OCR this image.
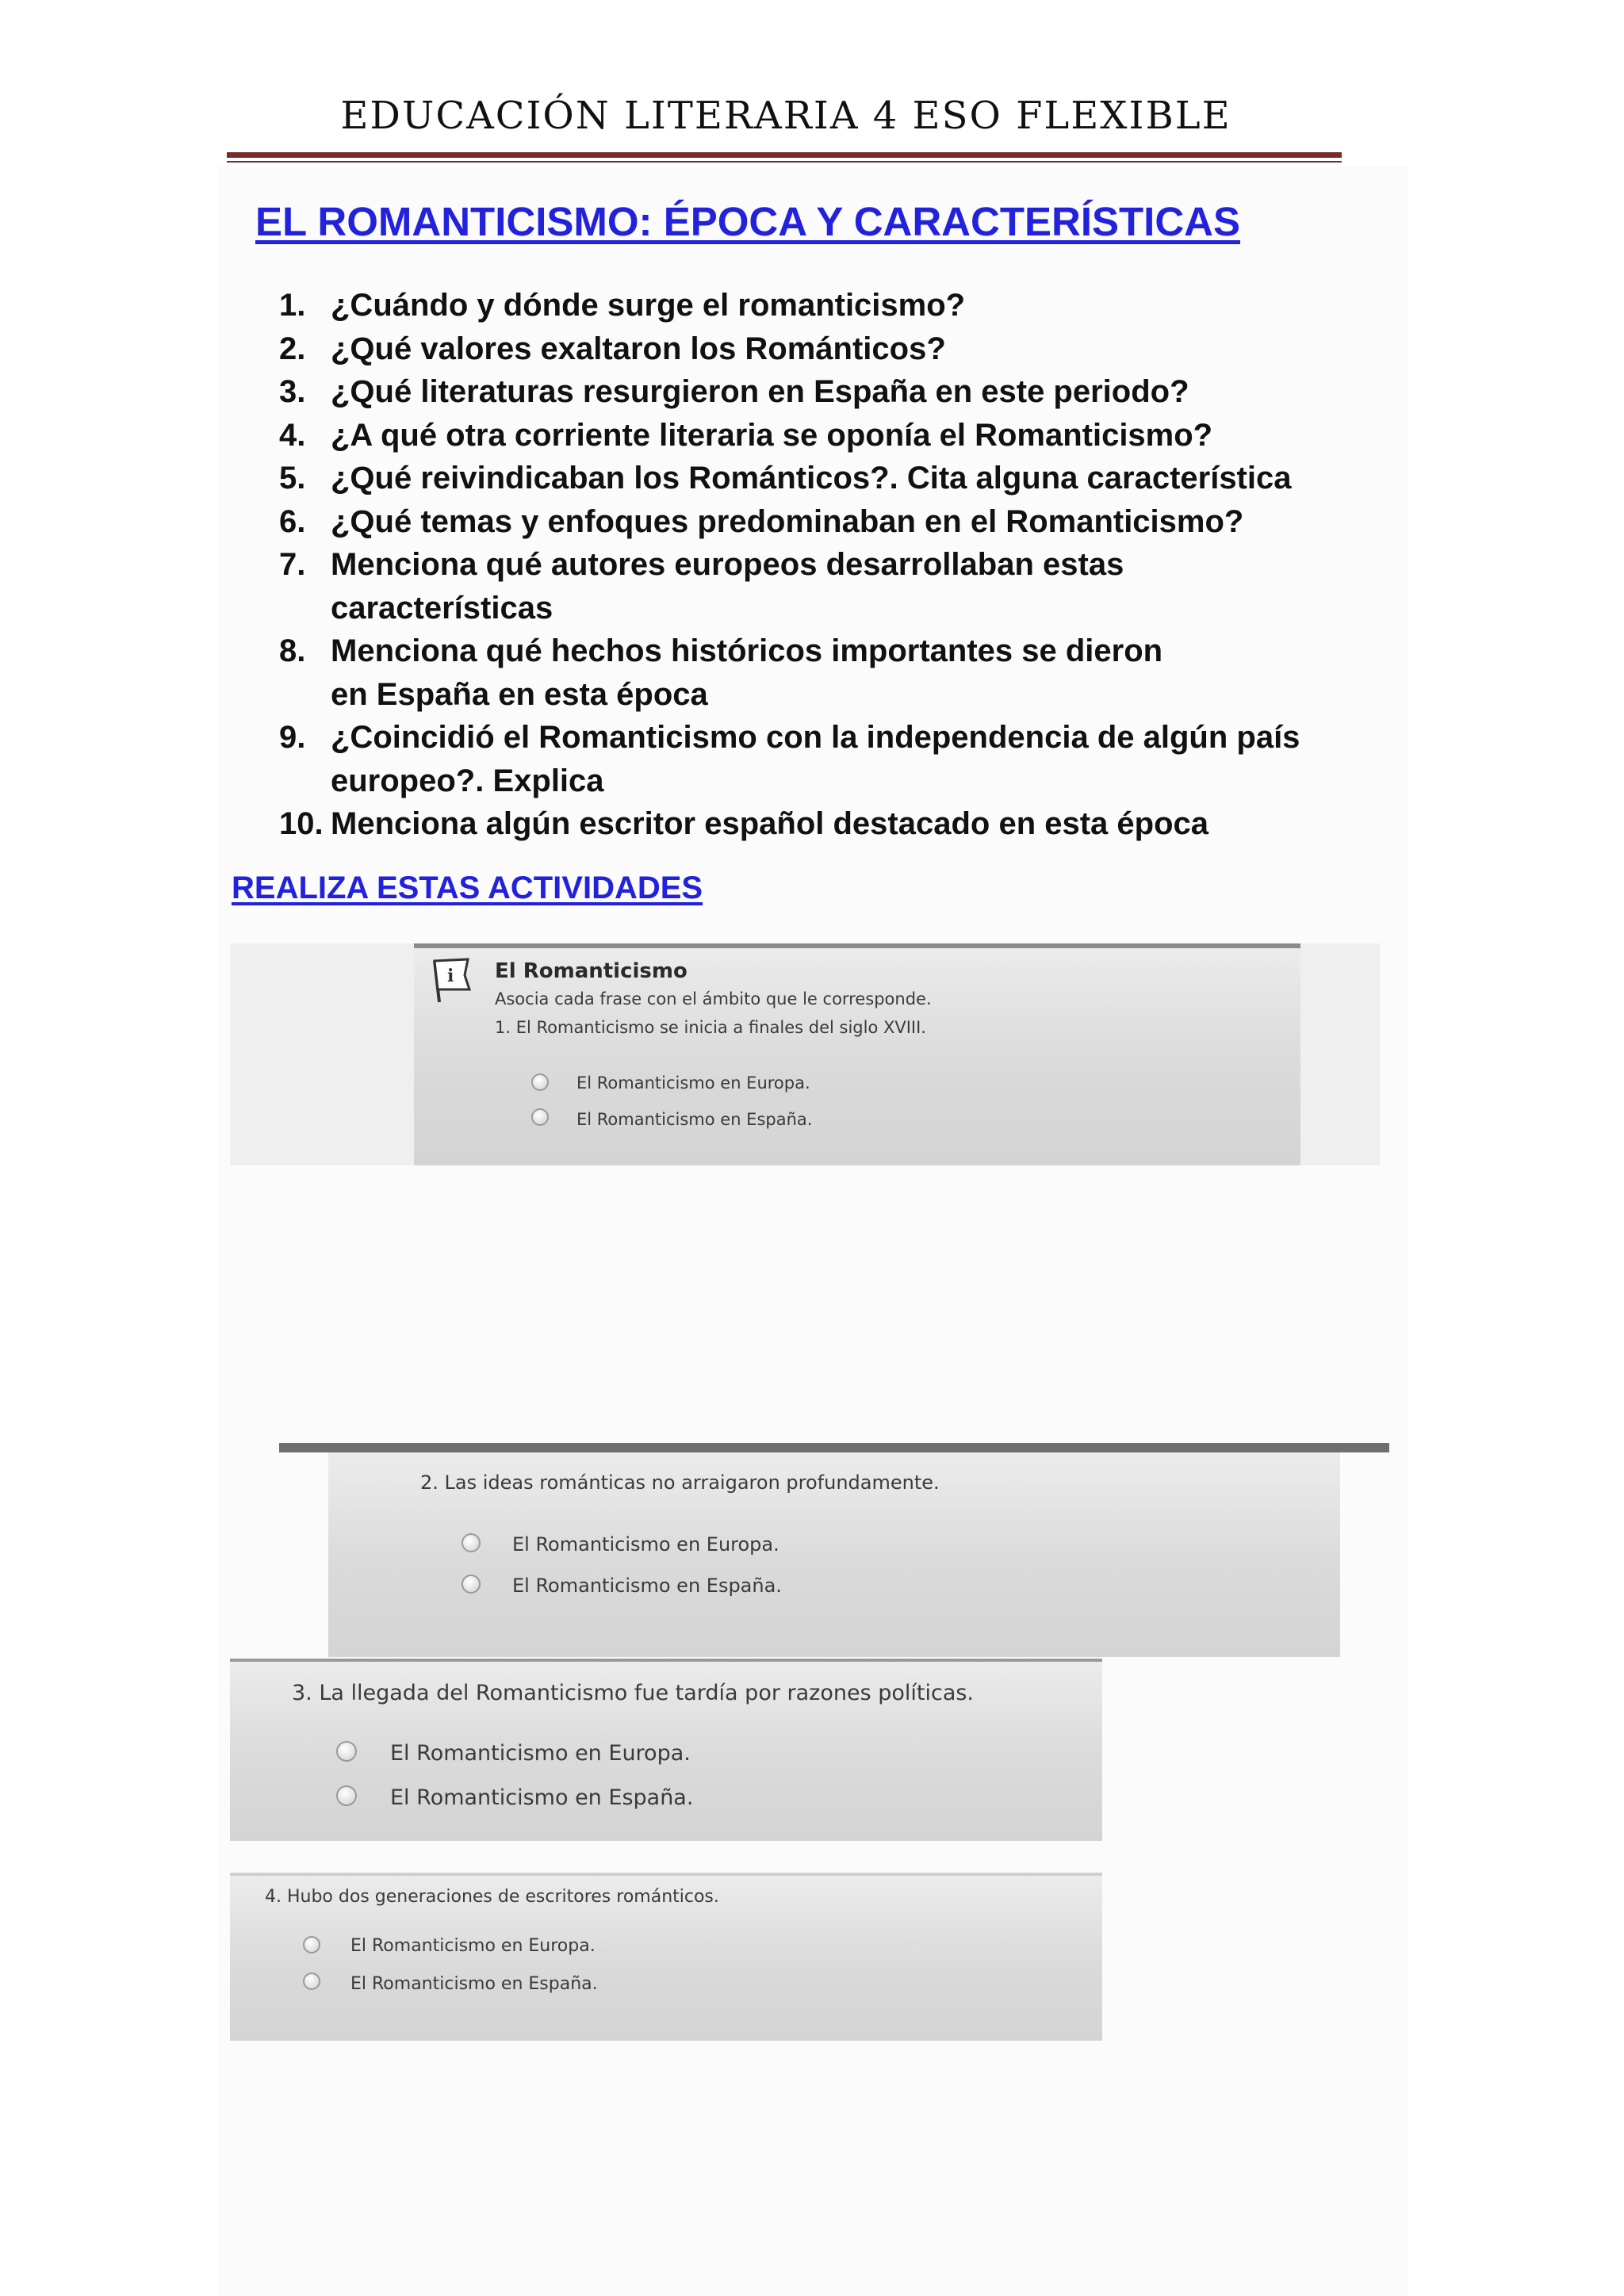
EDUCACIÓN LITERARIA 4 ESO FLEXIBLE
EL ROMANTICISMO: ÉPOCA Y CARACTERÍSTICAS
1. ¿Cuándo y dónde surge el romanticismo?
2. ¿Qué valores exaltaron los Románticos?
3. ¿Qué literaturas resurgieron en España en este periodo?
4. ¿A qué otra corriente literaria se oponía el Romanticismo?
5. ¿Qué reivindicaban los Románticos?. Cita alguna característica
6. ¿Qué temas y enfoques predominaban en el Romanticismo?
7. Menciona qué autores europeos desarrollaban estas características
8. Menciona qué hechos históricos importantes se dieron en España en esta época
9. ¿Coincidió el Romanticismo con la independencia de algún país europeo?. Explica
10. Menciona algún escritor español destacado en esta época
REALIZA ESTAS ACTIVIDADES
i El Romanticismo
Asocia cada frase con el ámbito que le corresponde.
1. El Romanticismo se inicia a finales del siglo XVIII.
El Romanticismo en Europa.
El Romanticismo en España.
2. Las ideas románticas no arraigaron profundamente.
El Romanticismo en Europa.
El Romanticismo en España.
3. La llegada del Romanticismo fue tardía por razones políticas.
El Romanticismo en Europa.
El Romanticismo en España.
4. Hubo dos generaciones de escritores románticos.
El Romanticismo en Europa.
El Romanticismo en España.
